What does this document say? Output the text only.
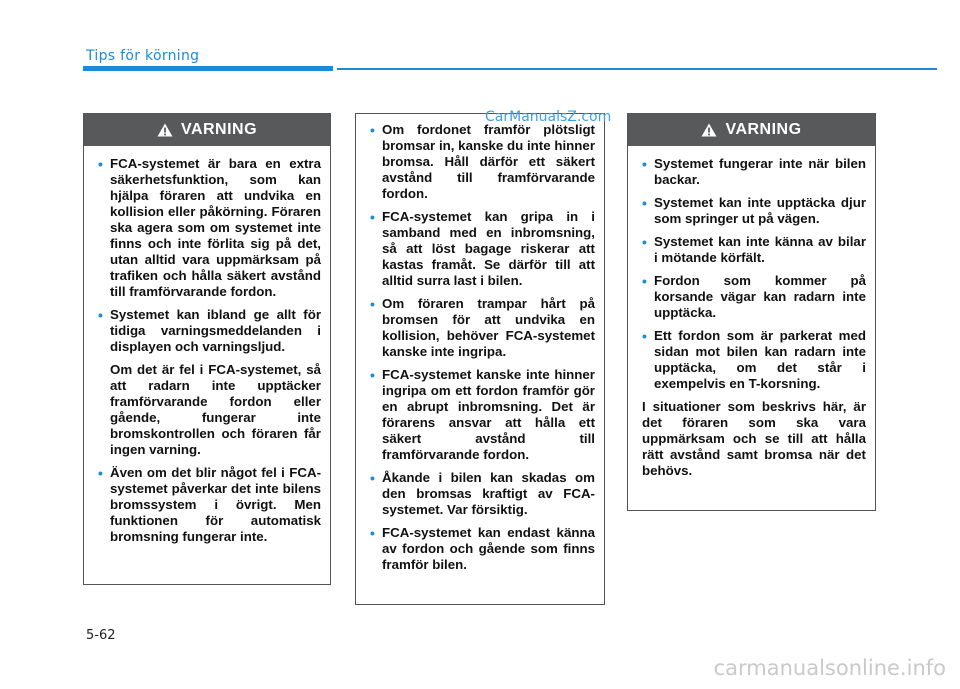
Tips för körning
VARNING
• FCA-systemet är bara en extra säkerhetsfunktion, som kan hjälpa föraren att undvika en kollision eller påkörning. Föraren ska agera som om systemet inte finns och inte förlita sig på det, utan alltid vara uppmärksam på trafiken och hålla säkert avstånd till framförvarande fordon.
• Systemet kan ibland ge allt för tidiga varningsmeddelanden i displayen och varningsljud.

Om det är fel i FCA-systemet, så att radarn inte upptäcker framförvarande fordon eller gående, fungerar inte bromskontrollen och föraren får ingen varning.

• Även om det blir något fel i FCA-systemet påverkar det inte bilens bromssystem i övrigt. Men funktionen för automatisk bromsning fungerar inte.
• Om fordonet framför plötsligt bromsar in, kanske du inte hinner bromsa. Håll därför ett säkert avstånd till framförvarande fordon.
• FCA-systemet kan gripa in i samband med en inbromsning, så att löst bagage riskerar att kastas framåt. Se därför till att alltid surra last i bilen.
• Om föraren trampar hårt på bromsen för att undvika en kollision, behöver FCA-systemet kanske inte ingripa.
• FCA-systemet kanske inte hinner ingripa om ett fordon framför gör en abrupt inbromsning. Det är förarens ansvar att hålla ett säkert avstånd till framförvarande fordon.
• Åkande i bilen kan skadas om den bromsas kraftigt av FCA-systemet. Var försiktig.
• FCA-systemet kan endast känna av fordon och gående som finns framför bilen.
VARNING
• Systemet fungerar inte när bilen backar.
• Systemet kan inte upptäcka djur som springer ut på vägen.
• Systemet kan inte känna av bilar i mötande körfält.
• Fordon som kommer på korsande vägar kan radarn inte upptäcka.
• Ett fordon som är parkerat med sidan mot bilen kan radarn inte upptäcka, om det står i exempelvis en T-korsning.

I situationer som beskrivs här, är det föraren som ska vara uppmärksam och se till att hålla rätt avstånd samt bromsa när det behövs.

CarManualsZ.com
5-62
carmanualsonline.info
